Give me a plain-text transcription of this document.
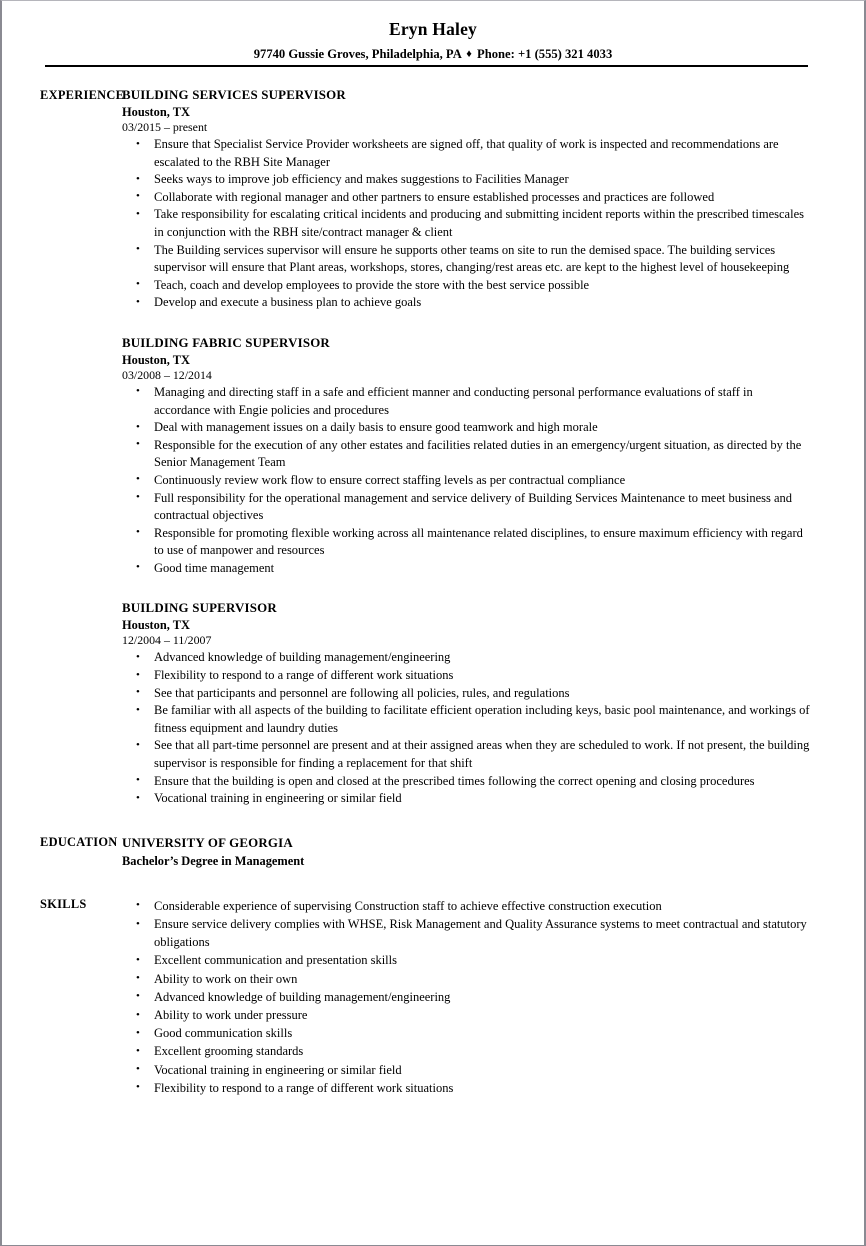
Eryn Haley
97740 Gussie Groves, Philadelphia, PA ♦ Phone: +1 (555) 321 4033
EXPERIENCE
BUILDING SERVICES SUPERVISOR
Houston, TX
03/2015 – present
• Ensure that Specialist Service Provider worksheets are signed off, that quality of work is inspected and recommendations are escalated to the RBH Site Manager
• Seeks ways to improve job efficiency and makes suggestions to Facilities Manager
• Collaborate with regional manager and other partners to ensure established processes and practices are followed
• Take responsibility for escalating critical incidents and producing and submitting incident reports within the prescribed timescales in conjunction with the RBH site/contract manager & client
• The Building services supervisor will ensure he supports other teams on site to run the demised space. The building services supervisor will ensure that Plant areas, workshops, stores, changing/rest areas etc. are kept to the highest level of housekeeping
• Teach, coach and develop employees to provide the store with the best service possible
• Develop and execute a business plan to achieve goals
BUILDING FABRIC SUPERVISOR
Houston, TX
03/2008 – 12/2014
• Managing and directing staff in a safe and efficient manner and conducting personal performance evaluations of staff in accordance with Engie policies and procedures
• Deal with management issues on a daily basis to ensure good teamwork and high morale
• Responsible for the execution of any other estates and facilities related duties in an emergency/urgent situation, as directed by the Senior Management Team
• Continuously review work flow to ensure correct staffing levels as per contractual compliance
• Full responsibility for the operational management and service delivery of Building Services Maintenance to meet business and contractual objectives
• Responsible for promoting flexible working across all maintenance related disciplines, to ensure maximum efficiency with regard to use of manpower and resources
• Good time management
BUILDING SUPERVISOR
Houston, TX
12/2004 – 11/2007
• Advanced knowledge of building management/engineering
• Flexibility to respond to a range of different work situations
• See that participants and personnel are following all policies, rules, and regulations
• Be familiar with all aspects of the building to facilitate efficient operation including keys, basic pool maintenance, and workings of fitness equipment and laundry duties
• See that all part-time personnel are present and at their assigned areas when they are scheduled to work. If not present, the building supervisor is responsible for finding a replacement for that shift
• Ensure that the building is open and closed at the prescribed times following the correct opening and closing procedures
• Vocational training in engineering or similar field
EDUCATION UNIVERSITY OF GEORGIA
Bachelor’s Degree in Management
SKILLS	• Considerable experience of supervising Construction staff to achieve effective construction execution
• Ensure service delivery complies with WHSE, Risk Management and Quality Assurance systems to meet contractual and statutory obligations
• Excellent communication and presentation skills
• Ability to work on their own
• Advanced knowledge of building management/engineering
• Ability to work under pressure
• Good communication skills
• Excellent grooming standards
• Vocational training in engineering or similar field
• Flexibility to respond to a range of different work situations
